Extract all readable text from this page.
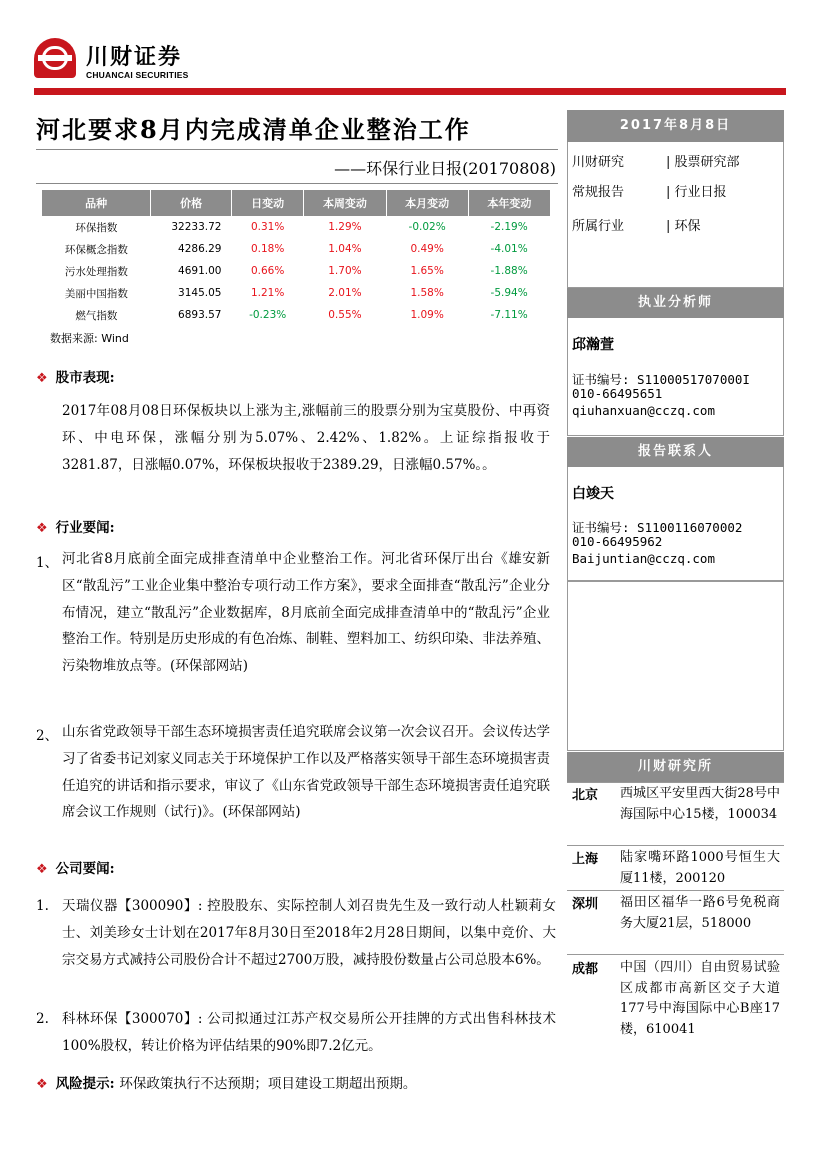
川财证券
CHUANCAI SECURITIES
河北要求8月内完成清单企业整治工作
——环保行业日报(20170808)
品种	价格	日变动	本周变动	本月变动	本年变动
环保指数	32233.72	0.31%	1.29%	-0.02%	-2.19%
环保概念指数	4286.29	0.18%	1.04%	0.49%	-4.01%
污水处理指数	4691.00	0.66%	1.70%	1.65%	-1.88%
美丽中国指数	3145.05	1.21%	2.01%	1.58%	-5.94%
燃气指数	6893.57	-0.23%	0.55%	1.09%	-7.11%
数据来源: Wind
❖ 股市表现:
2017年08月08日环保板块以上涨为主,涨幅前三的股票分别为宝莫股份、中再资环、中电环保，涨幅分别为5.07%、2.42%、1.82%。上证综指报收于3281.87，日涨幅0.07%，环保板块报收于2389.29，日涨幅0.57%。。
❖ 行业要闻:
1、 河北省8月底前全面完成排查清单中企业整治工作。河北省环保厅出台《雄安新区“散乱污”工业企业集中整治专项行动工作方案》，要求全面排查“散乱污”企业分布情况，建立“散乱污”企业数据库，8月底前全面完成排查清单中的“散乱污”企业整治工作。特别是历史形成的有色冶炼、制鞋、塑料加工、纺织印染、非法养殖、污染物堆放点等。(环保部网站)
2、 山东省党政领导干部生态环境损害责任追究联席会议第一次会议召开。会议传达学习了省委书记刘家义同志关于环境保护工作以及严格落实领导干部生态环境损害责任追究的讲话和指示要求，审议了《山东省党政领导干部生态环境损害责任追究联席会议工作规则（试行)》。(环保部网站)
❖ 公司要闻:
1. 天瑞仪器【300090】: 控股股东、实际控制人刘召贵先生及一致行动人杜颖莉女士、刘美珍女士计划在2017年8月30日至2018年2月28日期间，以集中竞价、大宗交易方式减持公司股份合计不超过2700万股，减持股份数量占公司总股本6%。
2. 科林环保【300070】: 公司拟通过江苏产权交易所公开挂牌的方式出售科林技术100%股权，转让价格为评估结果的90%即7.2亿元。
❖ 风险提示: 环保政策执行不达预期；项目建设工期超出预期。
2017年8月8日
川财研究	| 股票研究部
常规报告	| 行业日报
所属行业	| 环保
执业分析师
邱瀚萱
证书编号: S1100051707000I
010-66495651
qiuhanxuan@cczq.com
报告联系人
白竣天
证书编号: S1100116070002
010-66495962
Baijuntian@cczq.com
川财研究所
北京 西城区平安里西大街28号中海国际中心15楼，100034
上海 陆家嘴环路1000号恒生大厦11楼，200120
深圳 福田区福华一路6号免税商务大厦21层，518000
成都 中国（四川）自由贸易试验区成都市高新区交子大道177号中海国际中心B座17楼，610041
